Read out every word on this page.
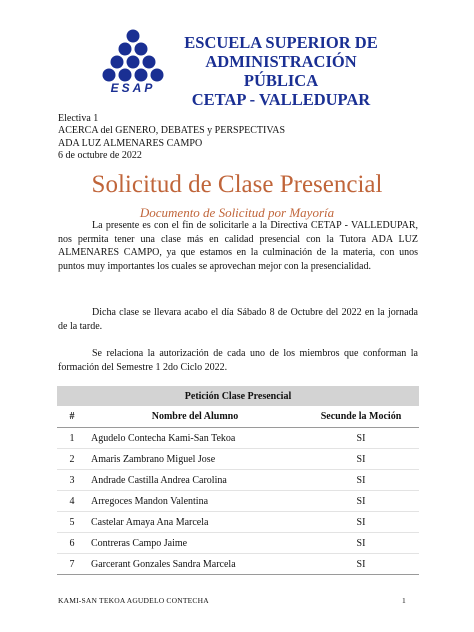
ESAP
ESCUELA SUPERIOR DE
ADMINISTRACIÓN PÚBLICA
CETAP - VALLEDUPAR
Electiva 1
ACERCA del GENERO, DEBATES y PERSPECTIVAS
ADA LUZ ALMENARES CAMPO
6 de octubre de 2022
Solicitud de Clase Presencial
Documento de Solicitud por Mayoría

La presente es con el fin de solicitarle a la Directiva CETAP - VALLEDUPAR, nos permita tener una clase más en calidad presencial con la Tutora ADA LUZ ALMENARES CAMPO, ya que estamos en la culminación de la materia, con unos puntos muy importantes los cuales se aprovechan mejor con la presencialidad.

Dicha clase se llevara acabo el día Sábado 8 de Octubre del 2022 en la jornada de la tarde.

Se relaciona la autorización de cada uno de los miembros que conforman la formación del Semestre 1 2do Ciclo 2022.

Petición Clase Presencial		
#	Nombre del Alumno	Secunde la Moción
1	Agudelo Contecha Kami-San Tekoa	SI
2	Amaris Zambrano Miguel Jose	SI
3	Andrade Castilla Andrea Carolina	SI
4	Arregoces Mandon Valentina	SI
5	Castelar Amaya Ana Marcela	SI
6	Contreras Campo Jaime	SI
7	Garcerant Gonzales Sandra Marcela	SI
KAMI-SAN TEKOA AGUDELO CONTECHA	1
